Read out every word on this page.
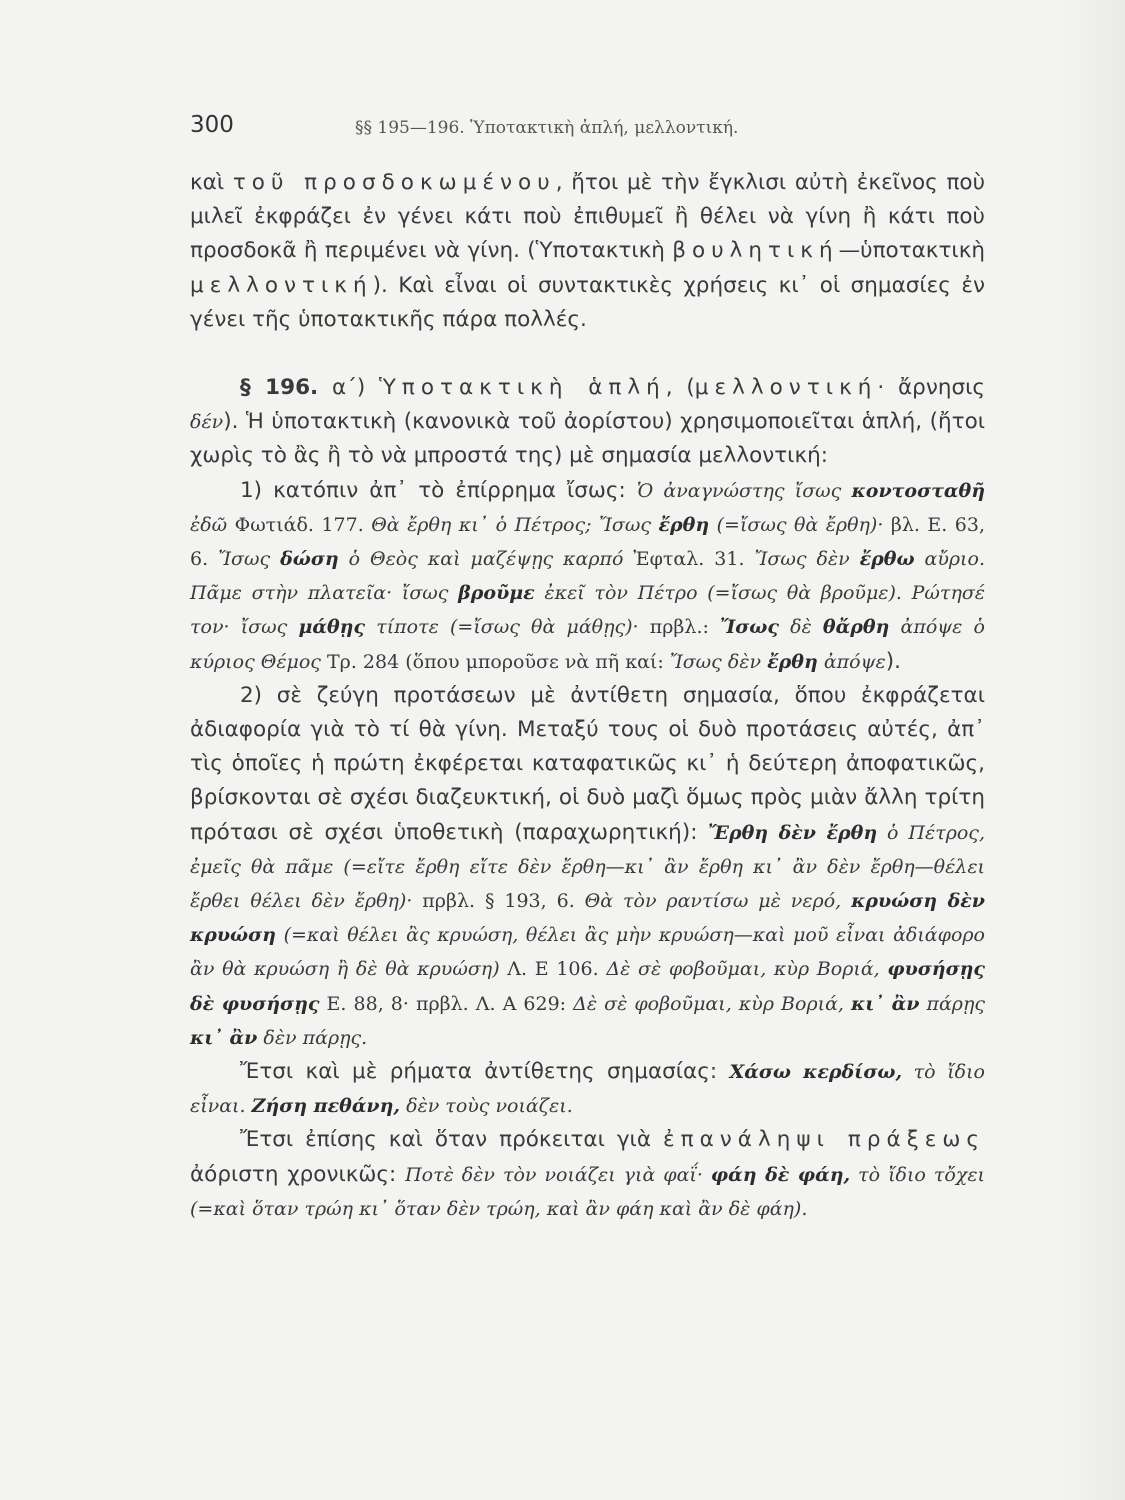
300	§§ 195—196. Ὑποτακτικὴ ἁπλή, μελλοντική.

καὶ τοῦ προσδοκωμένου, ἤτοι μὲ τὴν ἔγκλισι αὐτὴ ἐκεῖνος ποὺ μιλεῖ ἐκφράζει ἐν γένει κάτι ποὺ ἐπιθυμεῖ ἢ θέλει νὰ γίνη ἢ κάτι ποὺ προσδοκᾶ ἢ περιμένει νὰ γίνη. (Ὑποτακτικὴ βουλητική—ὑποτακτικὴ μελλοντική). Καὶ εἶναι οἱ συντακτικὲς χρήσεις κι᾿ οἱ σημασίες ἐν γένει τῆς ὑποτακτικῆς πάρα πολλές.

§ 196. α΄) Ὑποτακτικὴ ἁπλή, (μελλοντική· ἄρνησις δέν). Ἡ ὑποτακτικὴ (κανονικὰ τοῦ ἀορίστου) χρησιμοποιεῖται ἁπλή, (ἤτοι χωρὶς τὸ ἂς ἢ τὸ νὰ μπροστά της) μὲ σημασία μελλοντική:

1) κατόπιν ἀπ᾿ τὸ ἐπίρρημα ἴσως: Ὁ ἀναγνώστης ἴσως κοντοσταθῆ ἐδῶ Φωτιάδ. 177. Θὰ ἔρθη κι᾿ ὁ Πέτρος; Ἴσως ἔρθη (=ἴσως θὰ ἔρθη)· βλ. Ε. 63, 6. Ἴσως δώση ὁ Θεὸς καὶ μαζέψῃς καρπό Ἐφταλ. 31. Ἴσως δὲν ἔρθω αὔριο. Πᾶμε στὴν πλατεῖα· ἴσως βροῦμε ἐκεῖ τὸν Πέτρο (=ἴσως θὰ βροῦμε). Ρώτησέ τον· ἴσως μάθῃς τίποτε (=ἴσως θὰ μάθῃς)· πρβλ.: Ἴσως δὲ θἄρθη ἀπόψε ὁ κύριος Θέμος Τρ. 284 (ὅπου μποροῦσε νὰ πῆ καί: Ἴσως δὲν ἔρθη ἀπόψε).

2) σὲ ζεύγη προτάσεων μὲ ἀντίθετη σημασία, ὅπου ἐκφράζεται ἀδιαφορία γιὰ τὸ τί θὰ γίνη. Μεταξύ τους οἱ δυὸ προτάσεις αὐτές, ἀπ᾿ τὶς ὁποῖες ἡ πρώτη ἐκφέρεται καταφατικῶς κι᾿ ἡ δεύτερη ἀποφατικῶς, βρίσκονται σὲ σχέσι διαζευκτική, οἱ δυὸ μαζὶ ὅμως πρὸς μιὰν ἄλλη τρίτη πρότασι σὲ σχέσι ὑποθετικὴ (παραχωρητική): Ἔρθη δὲν ἔρθη ὁ Πέτρος, ἐμεῖς θὰ πᾶμε (=εἴτε ἔρθη εἴτε δὲν ἔρθη—κι᾿ ἂν ἔρθη κι᾿ ἂν δὲν ἔρθη—θέλει ἔρθει θέλει δὲν ἔρθη)· πρβλ. § 193, 6. Θὰ τὸν ραντίσω μὲ νερό, κρυώση δὲν κρυώση (=καὶ θέλει ἂς κρυώση, θέλει ἂς μὴν κρυώση—καὶ μοῦ εἶναι ἀδιάφορο ἂν θὰ κρυώση ἢ δὲ θὰ κρυώση) Λ. Ε 106. Δὲ σὲ φοβοῦμαι, κὺρ Βοριά, φυσήσῃς δὲ φυσήσῃς Ε. 88, 8· πρβλ. Λ. Α 629: Δὲ σὲ φοβοῦμαι, κὺρ Βοριά, κι᾿ ἂν πάρῃς κι᾿ ἂν δὲν πάρῃς.

Ἔτσι καὶ μὲ ρήματα ἀντίθετης σημασίας: Χάσω κερδίσω, τὸ ἴδιο εἶναι. Ζήση πεθάνη, δὲν τοὺς νοιάζει.

Ἔτσι ἐπίσης καὶ ὅταν πρόκειται γιὰ ἐπανάληψι πράξεως ἀόριστη χρονικῶς: Ποτὲ δὲν τὸν νοιάζει γιὰ φαΐ· φάη δὲ φάη, τὸ ἴδιο τὄχει (=καὶ ὅταν τρώη κι᾿ ὅταν δὲν τρώη, καὶ ἂν φάη καὶ ἂν δὲ φάη).
